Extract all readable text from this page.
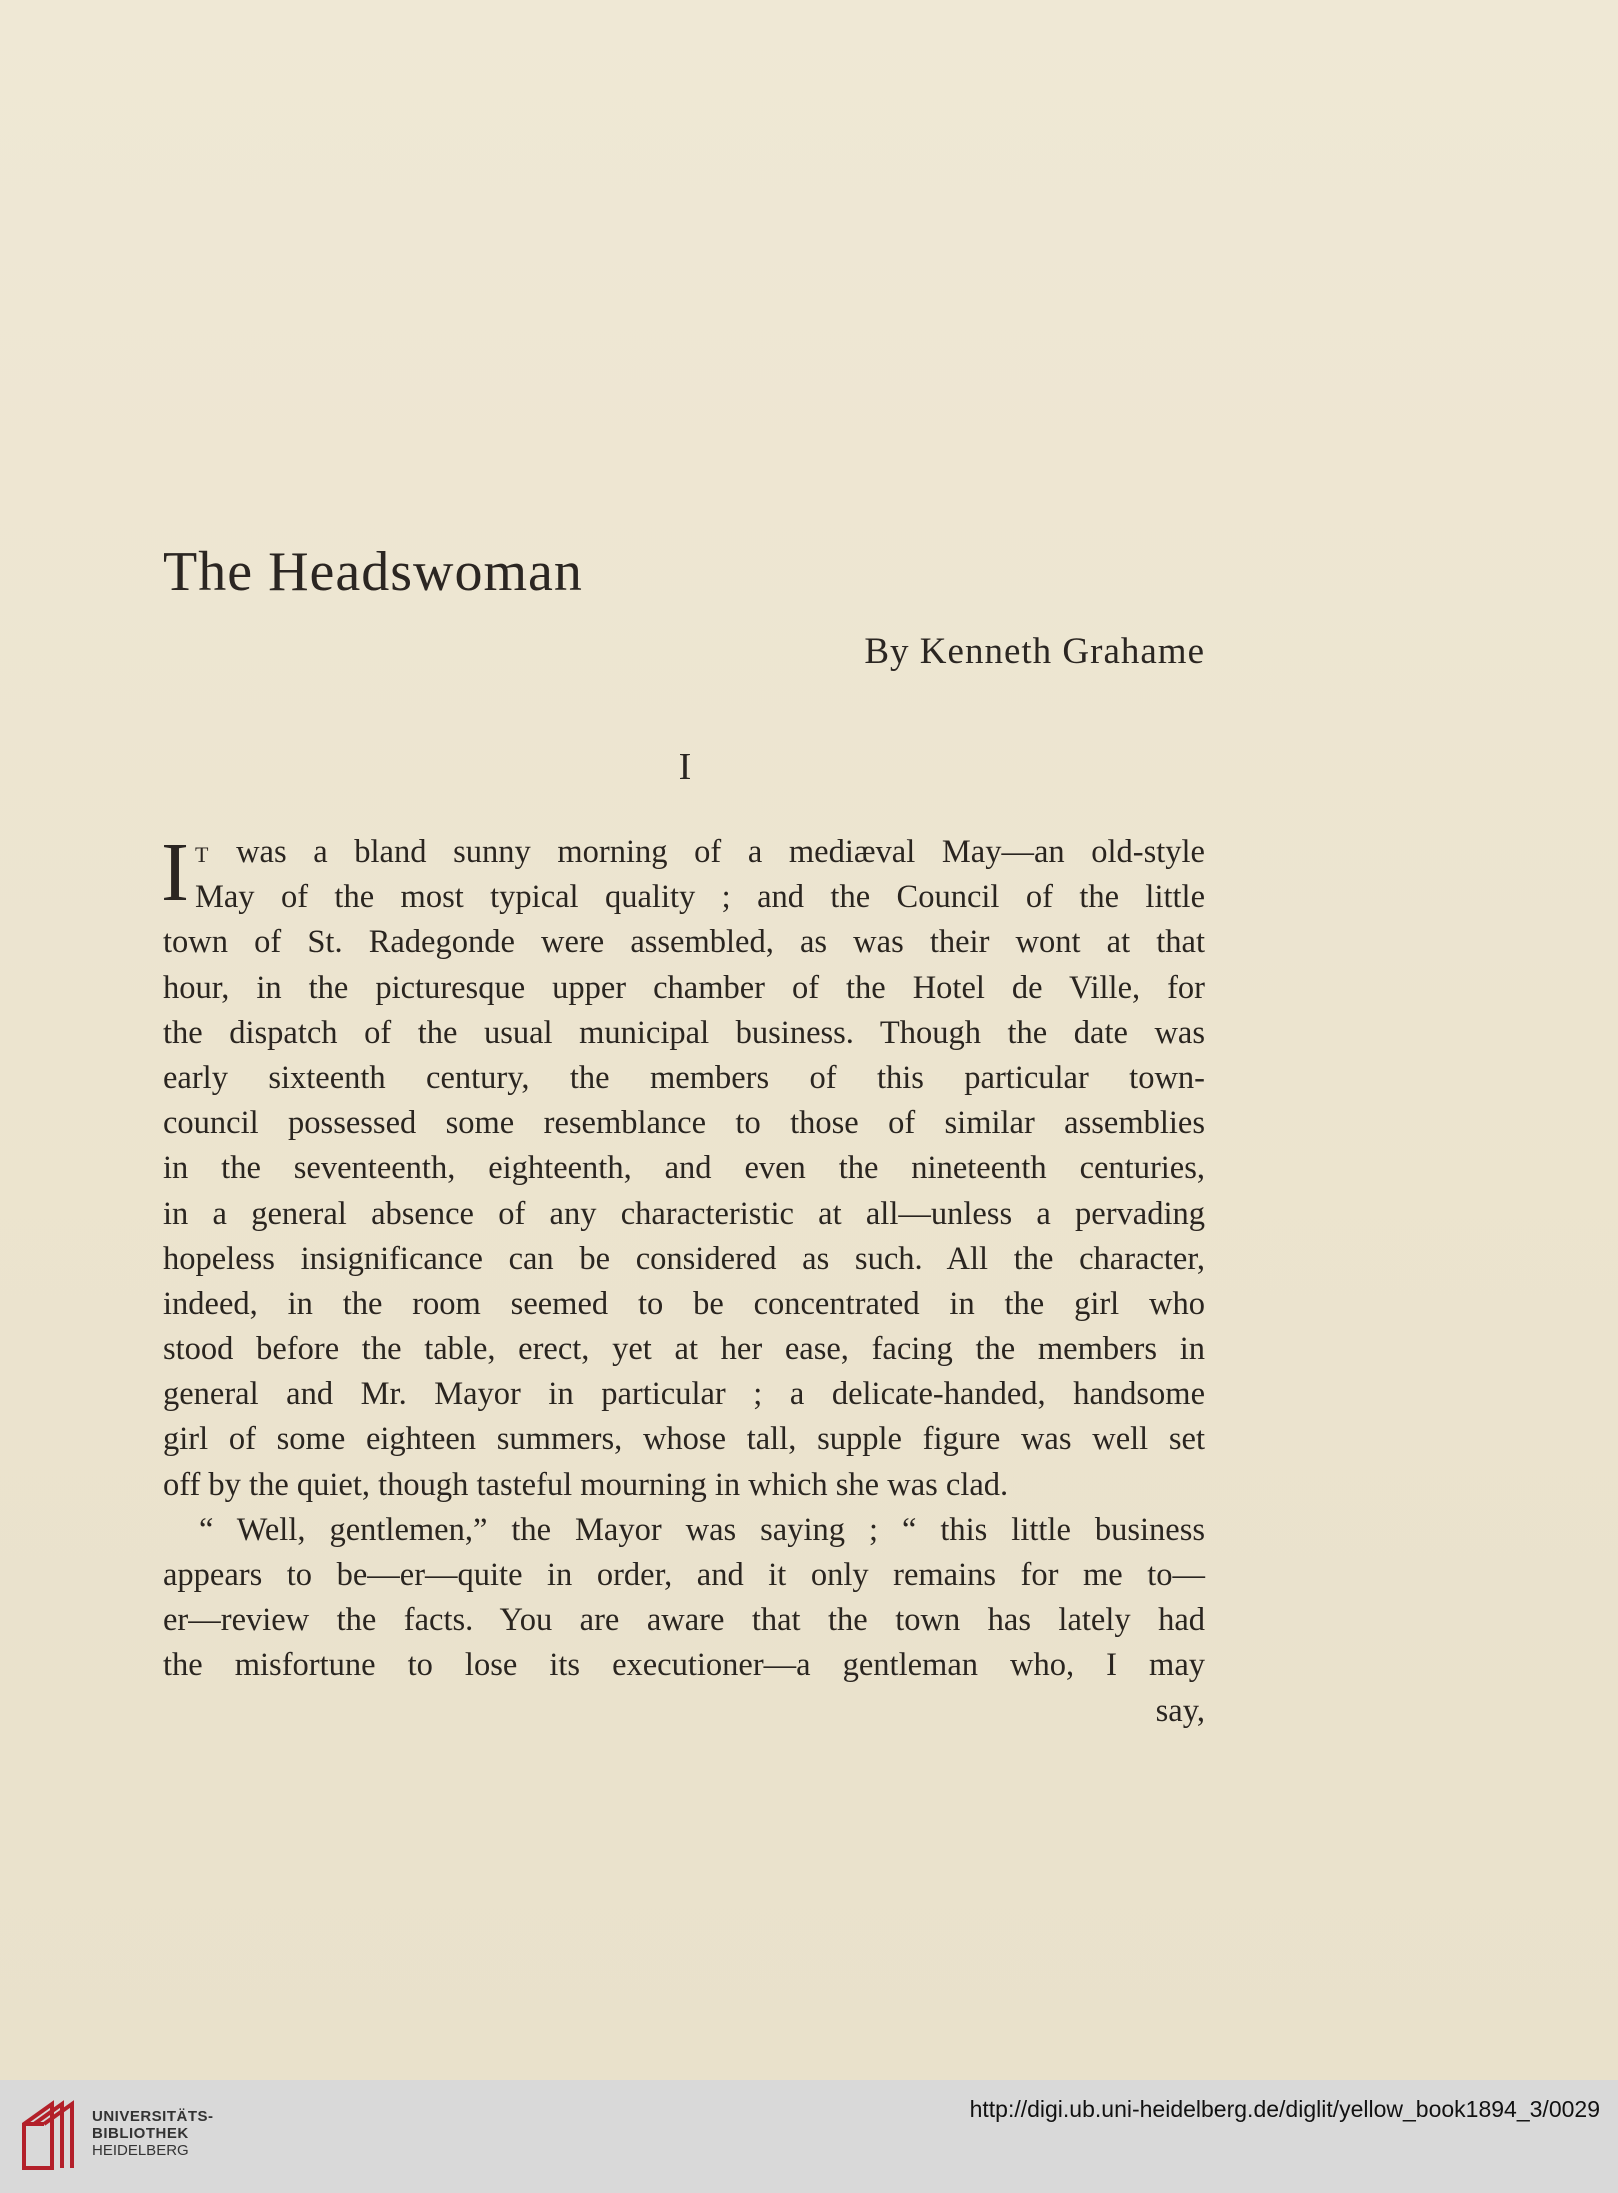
The Headswoman
By Kenneth Grahame
I
I T was a bland sunny morning of a mediæval May—an old-style
May of the most typical quality ; and the Council of the little
town of St. Radegonde were assembled, as was their wont at that
hour, in the picturesque upper chamber of the Hotel de Ville, for
the dispatch of the usual municipal business. Though the date was
early sixteenth century, the members of this particular town-
council possessed some resemblance to those of similar assemblies
in the seventeenth, eighteenth, and even the nineteenth centuries,
in a general absence of any characteristic at all—unless a pervading
hopeless insignificance can be considered as such. All the character,
indeed, in the room seemed to be concentrated in the girl who
stood before the table, erect, yet at her ease, facing the members in
general and Mr. Mayor in particular ; a delicate-handed, handsome
girl of some eighteen summers, whose tall, supple figure was well set
off by the quiet, though tasteful mourning in which she was clad.
“ Well, gentlemen,” the Mayor was saying ; “ this little business
appears to be—er—quite in order, and it only remains for me to—
er—review the facts. You are aware that the town has lately had
the misfortune to lose its executioner—a gentleman who, I may
say,
UNIVERSITÄTS-
BIBLIOTHEK
HEIDELBERG
http://digi.ub.uni-heidelberg.de/diglit/yellow_book1894_3/0029
